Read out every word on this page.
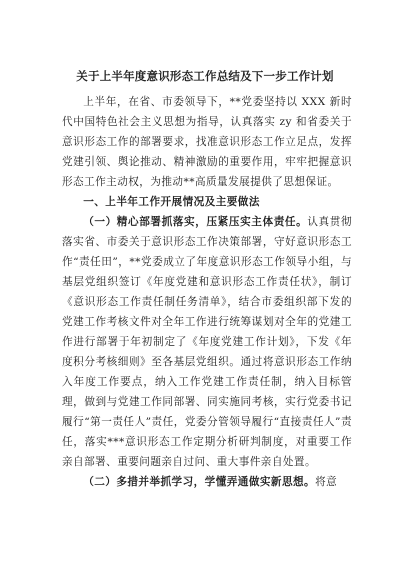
关于上半年度意识形态工作总结及下一步工作计划

上半年，在省、市委领导下，**党委坚持以 XXX 新时代中国特色社会主义思想为指导，认真落实 zy 和省委关于意识形态工作的部署要求，找准意识形态工作立足点，发挥党建引领、舆论推动、精神激励的重要作用，牢牢把握意识形态工作主动权，为推动**高质量发展提供了思想保证。

一、上半年工作开展情况及主要做法

（一）精心部署抓落实，压紧压实主体责任。认真贯彻落实省、市委关于意识形态工作决策部署，守好意识形态工作“责任田”，**党委成立了年度意识形态工作领导小组，与基层党组织签订《年度党建和意识形态工作责任状》，制订《意识形态工作责任制任务清单》，结合市委组织部下发的党建工作考核文件对全年工作进行统筹谋划对全年的党建工作进行部署于年初制定了《年度党建工作计划》，下发《年度积分考核细则》至各基层党组织。通过将意识形态工作纳入年度工作要点，纳入工作党建工作责任制，纳入目标管理，做到与党建工作同部署、同实施同考核，实行党委书记履行“第一责任人”责任，党委分管领导履行“直接责任人”责任，落实***意识形态工作定期分析研判制度，对重要工作亲自部署、重要问题亲自过问、重大事件亲自处置。

（二）多措并举抓学习，学懂弄通做实新思想。将意
